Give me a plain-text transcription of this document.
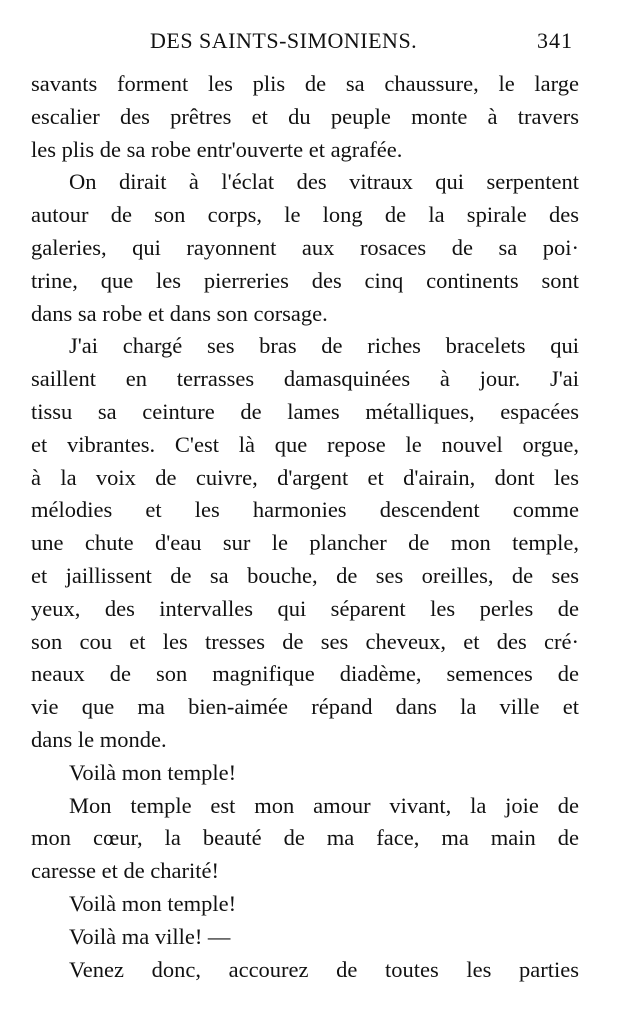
DES SAINTS-SIMONIENS.	341
savants forment les plis de sa chaussure, le large
escalier des prêtres et du peuple monte à travers
les plis de sa robe entr'ouverte et agrafée.
On dirait à l'éclat des vitraux qui serpentent
autour de son corps, le long de la spirale des
galeries, qui rayonnent aux rosaces de sa poi·
trine, que les pierreries des cinq continents sont
dans sa robe et dans son corsage.
J'ai chargé ses bras de riches bracelets qui
saillent en terrasses damasquinées à jour. J'ai
tissu sa ceinture de lames métalliques, espacées
et vibrantes. C'est là que repose le nouvel orgue,
à la voix de cuivre, d'argent et d'airain, dont les
mélodies et les harmonies descendent comme
une chute d'eau sur le plancher de mon temple,
et jaillissent de sa bouche, de ses oreilles, de ses
yeux, des intervalles qui séparent les perles de
son cou et les tresses de ses cheveux, et des cré·
neaux de son magnifique diadème, semences de
vie que ma bien-aimée répand dans la ville et
dans le monde.
Voilà mon temple!
Mon temple est mon amour vivant, la joie de
mon cœur, la beauté de ma face, ma main de
caresse et de charité!
Voilà mon temple!
Voilà ma ville! —
Venez donc, accourez de toutes les parties
